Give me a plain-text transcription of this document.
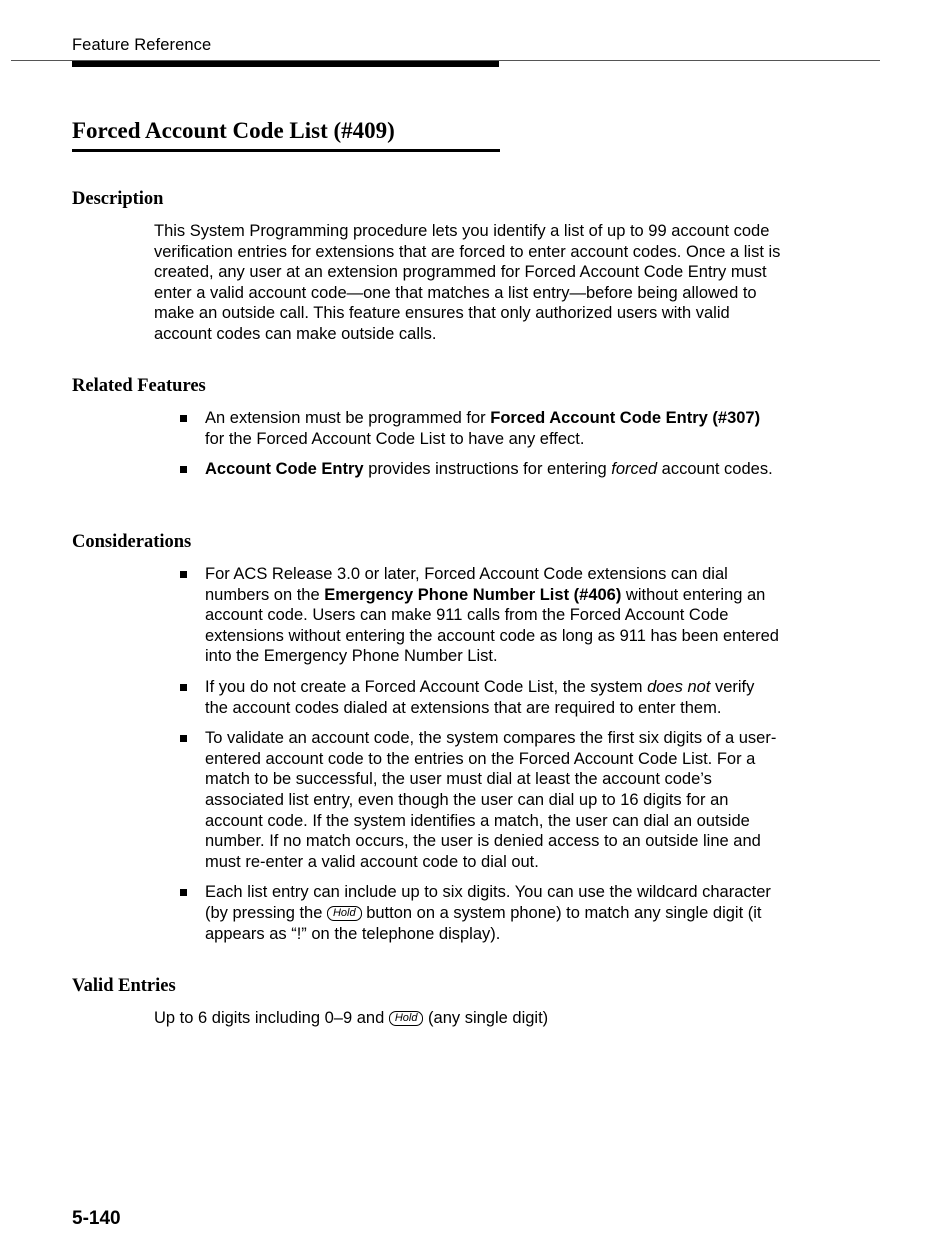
Feature Reference
Forced Account Code List (#409)
Description

This System Programming procedure lets you identify a list of up to 99 account code verification entries for extensions that are forced to enter account codes. Once a list is created, any user at an extension programmed for Forced Account Code Entry must enter a valid account code—one that matches a list entry—before being allowed to make an outside call. This feature ensures that only authorized users with valid account codes can make outside calls.

Related Features
An extension must be programmed for Forced Account Code Entry (#307) for the Forced Account Code List to have any effect.
Account Code Entry provides instructions for entering forced account codes.
Considerations
For ACS Release 3.0 or later, Forced Account Code extensions can dial numbers on the Emergency Phone Number List (#406) without entering an account code. Users can make 911 calls from the Forced Account Code extensions without entering the account code as long as 911 has been entered into the Emergency Phone Number List.
If you do not create a Forced Account Code List, the system does not verify the account codes dialed at extensions that are required to enter them.
To validate an account code, the system compares the first six digits of a user-entered account code to the entries on the Forced Account Code List. For a match to be successful, the user must dial at least the account code’s associated list entry, even though the user can dial up to 16 digits for an account code. If the system identifies a match, the user can dial an outside number. If no match occurs, the user is denied access to an outside line and must re-enter a valid account code to dial out.
Each list entry can include up to six digits. You can use the wildcard character (by pressing the Hold button on a system phone) to match any single digit (it appears as “!” on the telephone display).
Valid Entries

Up to 6 digits including 0–9 and Hold (any single digit)

5-140
